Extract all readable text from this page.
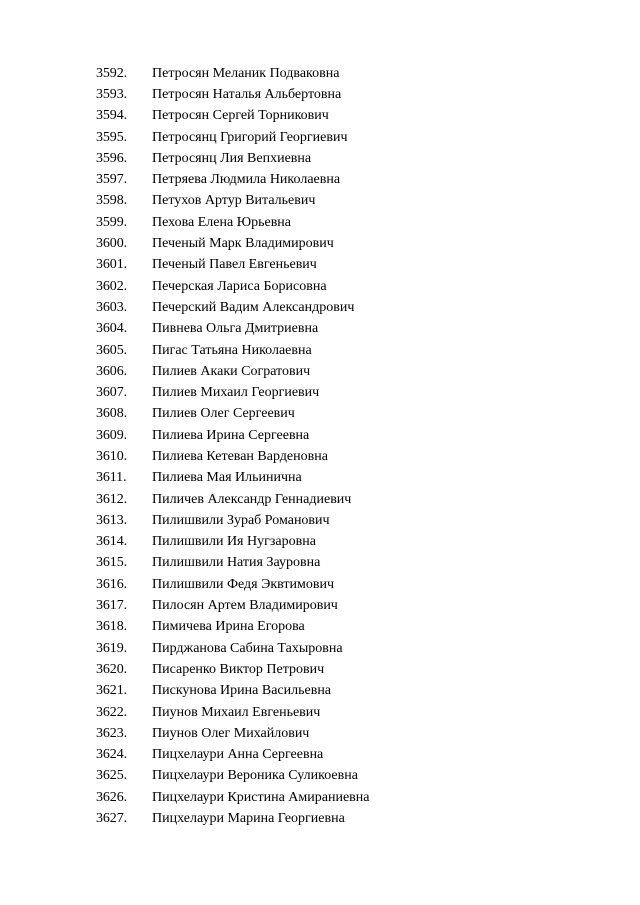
3592.	Петросян Меланик Подваковна
3593.	Петросян Наталья Альбертовна
3594.	Петросян Сергей Торникович
3595.	Петросянц Григорий Георгиевич
3596.	Петросянц Лия Вепхиевна
3597.	Петряева Людмила Николаевна
3598.	Петухов Артур Витальевич
3599.	Пехова Елена Юрьевна
3600.	Печеный Марк Владимирович
3601.	Печеный Павел Евгеньевич
3602.	Печерская Лариса Борисовна
3603.	Печерский Вадим Александрович
3604.	Пивнева Ольга Дмитриевна
3605.	Пигас Татьяна Николаевна
3606.	Пилиев Акаки Согратович
3607.	Пилиев Михаил Георгиевич
3608.	Пилиев Олег Сергеевич
3609.	Пилиева Ирина Сергеевна
3610.	Пилиева Кетеван Варденовна
3611.	Пилиева Мая Ильинична
3612.	Пиличев Александр Геннадиевич
3613.	Пилишвили Зураб Романович
3614.	Пилишвили Ия Нугзаровна
3615.	Пилишвили Натия Зауровна
3616.	Пилишвили Федя Эквтимович
3617.	Пилосян Артем Владимирович
3618.	Пимичева Ирина Егорова
3619.	Пирджанова Сабина Тахыровна
3620.	Писаренко Виктор Петрович
3621.	Пискунова Ирина Васильевна
3622.	Пиунов Михаил Евгеньевич
3623.	Пиунов Олег Михайлович
3624.	Пицхелаури Анна Сергеевна
3625.	Пицхелаури Вероника Суликоевна
3626.	Пицхелаури Кристина Амираниевна
3627.	Пицхелаури Марина Георгиевна
